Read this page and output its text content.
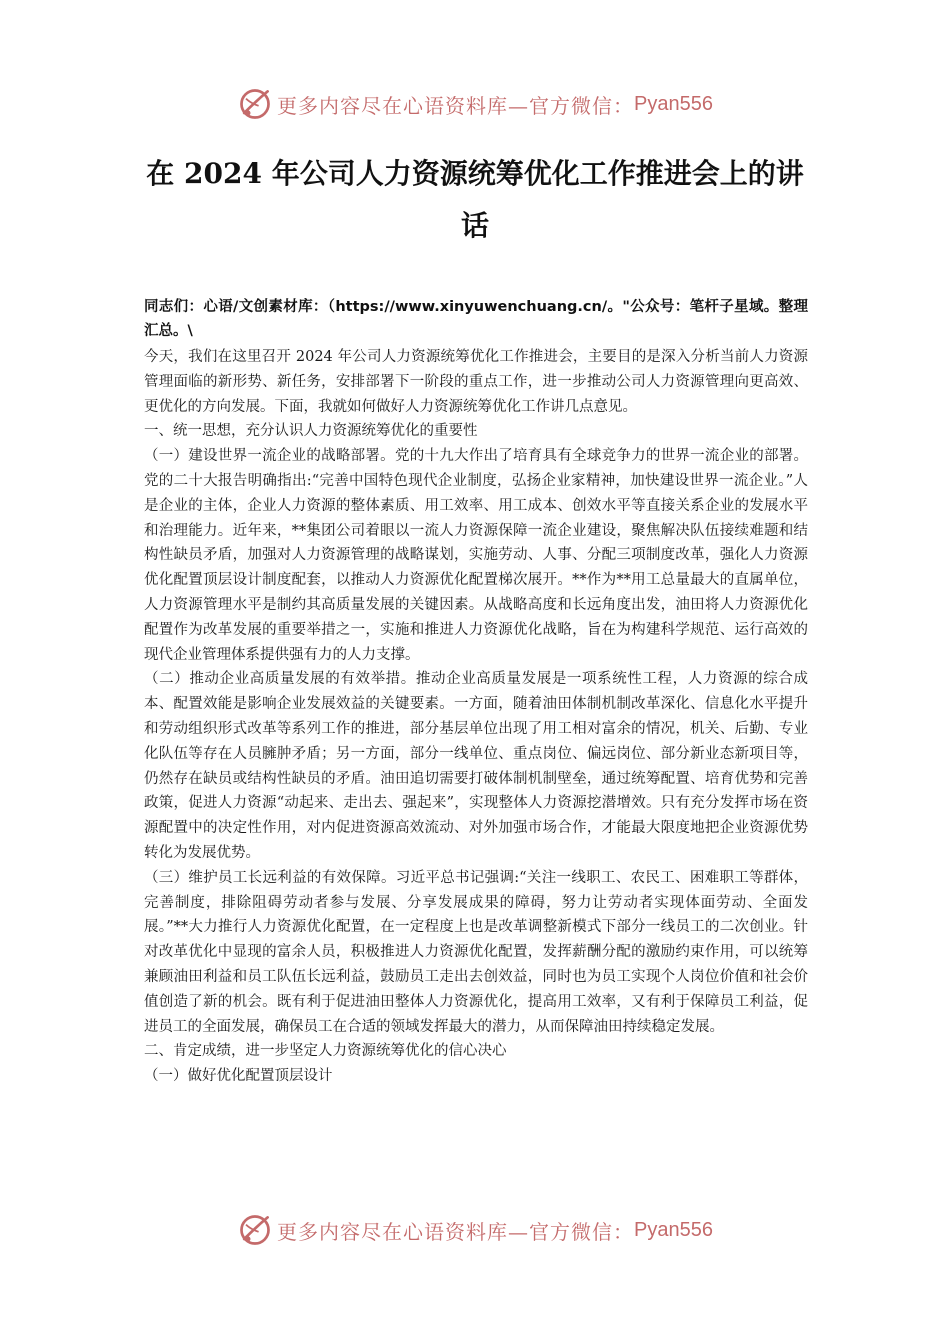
更多内容尽在心语资料库—官方微信： Pyan556
在 2024 年公司人力资源统筹优化工作推进会上的讲话

同志们：心语/文创素材库：（https://www.xinyuwenchuang.cn/。"公众号：笔杆子星域。整理汇总。\

今天，我们在这里召开 2024 年公司人力资源统筹优化工作推进会，主要目的是深入分析当前人力资源管理面临的新形势、新任务，安排部署下一阶段的重点工作，进一步推动公司人力资源管理向更高效、更优化的方向发展。下面，我就如何做好人力资源统筹优化工作讲几点意见。

一、统一思想，充分认识人力资源统筹优化的重要性

（一）建设世界一流企业的战略部署。党的十九大作出了培育具有全球竞争力的世界一流企业的部署。党的二十大报告明确指出:“完善中国特色现代企业制度，弘扬企业家精神，加快建设世界一流企业。”人是企业的主体，企业人力资源的整体素质、用工效率、用工成本、创效水平等直接关系企业的发展水平和治理能力。近年来，**集团公司着眼以一流人力资源保障一流企业建设，聚焦解决队伍接续难题和结构性缺员矛盾，加强对人力资源管理的战略谋划，实施劳动、人事、分配三项制度改革，强化人力资源优化配置顶层设计制度配套，以推动人力资源优化配置梯次展开。**作为**用工总量最大的直属单位，人力资源管理水平是制约其高质量发展的关键因素。从战略高度和长远角度出发，油田将人力资源优化配置作为改革发展的重要举措之一，实施和推进人力资源优化战略，旨在为构建科学规范、运行高效的现代企业管理体系提供强有力的人力支撑。

（二）推动企业高质量发展的有效举措。推动企业高质量发展是一项系统性工程，人力资源的综合成本、配置效能是影响企业发展效益的关键要素。一方面，随着油田体制机制改革深化、信息化水平提升和劳动组织形式改革等系列工作的推进，部分基层单位出现了用工相对富余的情况，机关、后勤、专业化队伍等存在人员臃肿矛盾；另一方面，部分一线单位、重点岗位、偏远岗位、部分新业态新项目等，仍然存在缺员或结构性缺员的矛盾。油田追切需要打破体制机制壁垒，通过统筹配置、培育优势和完善政策，促进人力资源“动起来、走出去、强起来”，实现整体人力资源挖潜增效。只有充分发挥市场在资源配置中的决定性作用，对内促进资源高效流动、对外加强市场合作，才能最大限度地把企业资源优势转化为发展优势。

（三）维护员工长远利益的有效保障。习近平总书记强调:“关注一线职工、农民工、困难职工等群体，完善制度，排除阻碍劳动者参与发展、分享发展成果的障碍，努力让劳动者实现体面劳动、全面发展。”**大力推行人力资源优化配置，在一定程度上也是改革调整新模式下部分一线员工的二次创业。针对改革优化中显现的富余人员，积极推进人力资源优化配置，发挥薪酬分配的激励约束作用，可以统筹兼顾油田利益和员工队伍长远利益，鼓励员工走出去创效益，同时也为员工实现个人岗位价值和社会价值创造了新的机会。既有利于促进油田整体人力资源优化，提高用工效率，又有利于保障员工利益，促进员工的全面发展，确保员工在合适的领域发挥最大的潜力，从而保障油田持续稳定发展。

二、肯定成绩，进一步坚定人力资源统筹优化的信心决心

（一）做好优化配置顶层设计

更多内容尽在心语资料库—官方微信： Pyan556
